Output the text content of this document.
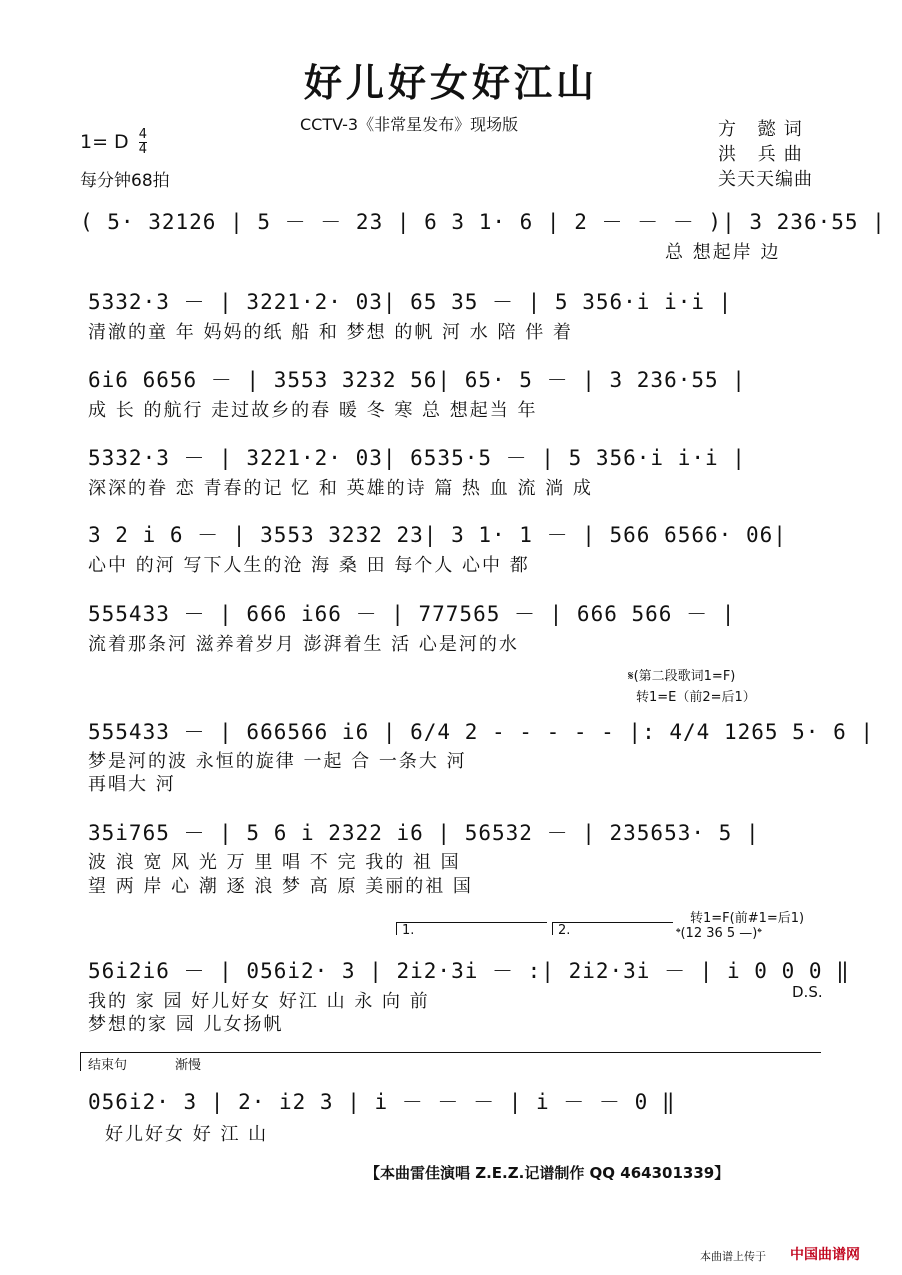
好儿好女好江山
CCTV-3《非常星发布》现场版	方 懿词
洪 兵曲
关天天编曲
1= D $\frac{4}{4}$
每分钟68拍
( 5· 32126 | 5 － － 23 | 6 3 1· 6 | 2 － － － )| 3 236·55 |
总 想起岸 边
5332·3 － | 3221·2· 03| 65 35 － | 5 356·i i·i |
清澈的童 年 妈妈的纸 船 和 梦想 的帆 河 水 陪 伴 着
6i6 6656 － | 3553 3232 56| 65· 5 － | 3 236·55 |
成 长 的航行 走过故乡的春 暖 冬 寒 总 想起当 年
5332·3 － | 3221·2· 03| 6535·5 － | 5 356·i i·i |
深深的眷 恋 青春的记 忆 和 英雄的诗 篇 热 血 流 淌 成
3 2 i 6 － | 3553 3232 23| 3 1· 1 － | 566 6566· 06|
心中 的河 写下人生的沧 海 桑 田 每个人 心中 都
555433 － | 666 i66 － | 777565 － | 666 566 － |
流着那条河 滋养着岁月 澎湃着生 活 心是河的水
𝄋(第二段歌词1=F)
转1=E（前2=后1）
555433 － | 666566 i6 | 6/4 2 - - - - - |: 4/4 1265 5· 6 |
梦是河的波 永恒的旋律 一起 合 一条大 河
再唱大 河
35i765 － | 5 6 i 2322 i6 | 56532 － | 235653· 5 |
波 浪 宽 风 光 万 里 唱 不 完 我的 祖 国
望 两 岸 心 潮 逐 浪 梦 高 原 美丽的祖 国
1.	2.
转1=F(前#1=后1)
𝄌(12 36 5 —)𝄌
56i2i6 － | 056i2· 3 | 2i2·3i － :| 2i2·3i － | i 0 0 0 ‖
我的 家 园 好儿好女 好江 山 永 向 前
梦想的家 园 儿女扬帆
D.S.
结束句	渐慢
056i2· 3 | 2· i2 3 | i － － － | i － － 0 ‖
好儿好女 好 江 山
【本曲雷佳演唱 Z.E.Z.记谱制作 QQ 464301339】
本曲谱上传于 中国曲谱网
